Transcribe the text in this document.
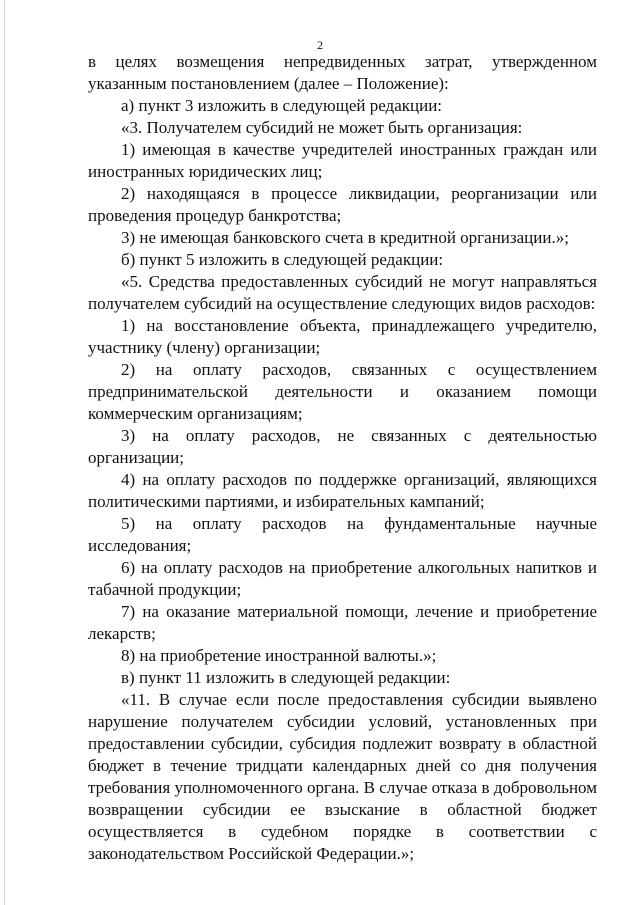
2

в целях возмещения непредвиденных затрат, утвержденном указанным постановлением (далее – Положение):

а) пункт 3 изложить в следующей редакции:

«3. Получателем субсидий не может быть организация:

1) имеющая в качестве учредителей иностранных граждан или иностранных юридических лиц;

2) находящаяся в процессе ликвидации, реорганизации или проведения процедур банкротства;

3) не имеющая банковского счета в кредитной организации.»;

б) пункт 5 изложить в следующей редакции:

«5. Средства предоставленных субсидий не могут направляться получателем субсидий на осуществление следующих видов расходов:

1) на восстановление объекта, принадлежащего учредителю, участнику (члену) организации;

2) на оплату расходов, связанных с осуществлением предпринимательской деятельности и оказанием помощи коммерческим организациям;

3) на оплату расходов, не связанных с деятельностью организации;

4) на оплату расходов по поддержке организаций, являющихся политическими партиями, и избирательных кампаний;

5) на оплату расходов на фундаментальные научные исследования;

6) на оплату расходов на приобретение алкогольных напитков и табачной продукции;

7) на оказание материальной помощи, лечение и приобретение лекарств;

8) на приобретение иностранной валюты.»;

в) пункт 11 изложить в следующей редакции:

«11. В случае если после предоставления субсидии выявлено нарушение получателем субсидии условий, установленных при предоставлении субсидии, субсидия подлежит возврату в областной бюджет в течение тридцати календарных дней со дня получения требования уполномоченного органа. В случае отказа в добровольном возвращении субсидии ее взыскание в областной бюджет осуществляется в судебном порядке в соответствии с законодательством Российской Федерации.»;
